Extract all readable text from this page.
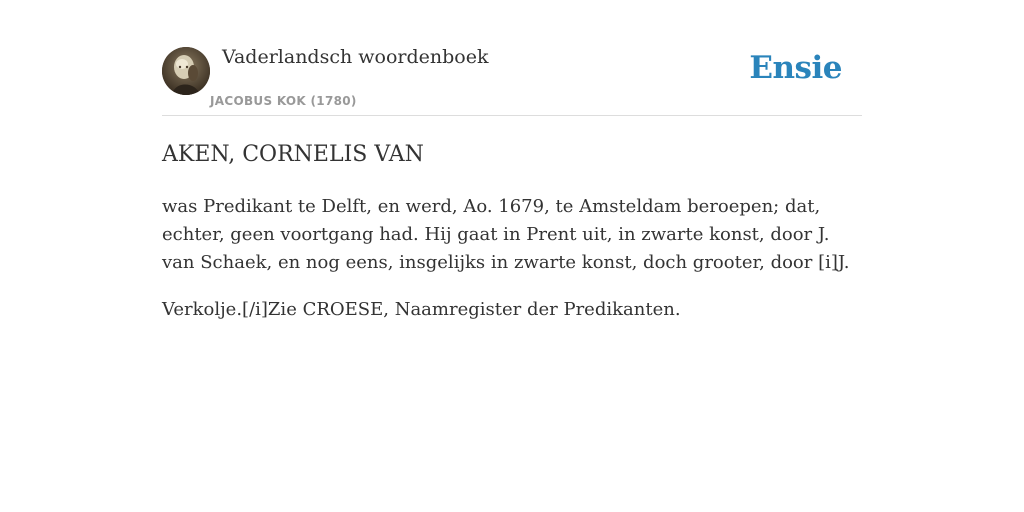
Vaderlandsch woordenboek
JACOBUS KOK (1780)
Ensie
AKEN, CORNELIS VAN

was Predikant te Delft, en werd, Ao. 1679, te Amsteldam beroepen; dat, echter, geen voortgang had. Hij gaat in Prent uit, in zwarte konst, door J. van Schaek, en nog eens, insgelijks in zwarte konst, doch grooter, door [i]J.

Verkolje.[/i]Zie CROESE, Naamregister der Predikanten.
